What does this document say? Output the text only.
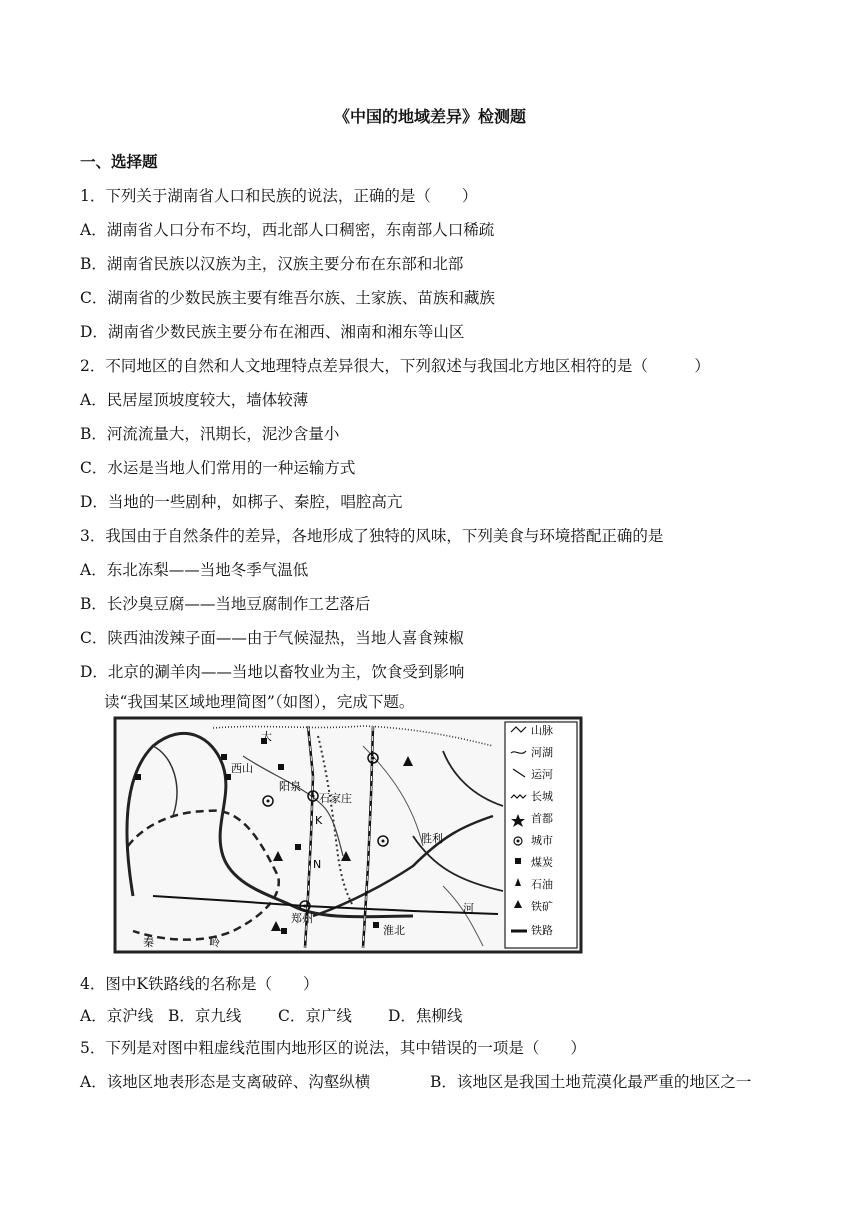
《中国的地域差异》检测题
一、选择题
1．下列关于湖南省人口和民族的说法，正确的是（　　）
A．湖南省人口分布不均，西北部人口稠密，东南部人口稀疏
B．湖南省民族以汉族为主，汉族主要分布在东部和北部
C．湖南省的少数民族主要有维吾尔族、土家族、苗族和藏族
D．湖南省少数民族主要分布在湘西、湘南和湘东等山区
2．不同地区的自然和人文地理特点差异很大，下列叙述与我国北方地区相符的是（　　　）
A．民居屋顶坡度较大，墙体较薄
B．河流流量大，汛期长，泥沙含量小
C．水运是当地人们常用的一种运输方式
D．当地的一些剧种，如梆子、秦腔，唱腔高亢
3．我国由于自然条件的差异，各地形成了独特的风味，下列美食与环境搭配正确的是
A．东北冻梨——当地冬季气温低
B．长沙臭豆腐——当地豆腐制作工艺落后
C．陕西油泼辣子面——由于气候湿热，当地人喜食辣椒
D．北京的涮羊肉——当地以畜牧业为主，饮食受到影响
读“我国某区域地理简图”（如图），完成下题。
西山
阳泉
石家庄
胜利
郑州
淮北
K
N
河
秦	岭
大	山脉
河湖
运河
长城
首都
城市
煤炭
石油
铁矿
铁路
4．图中K铁路线的名称是（　　）
A．京沪线 B．京九线 C．京广线 D．焦柳线
5．下列是对图中粗虚线范围内地形区的说法，其中错误的一项是（　　）
A．该地区地表形态是支离破碎、沟壑纵横	B．该地区是我国土地荒漠化最严重的地区之一
